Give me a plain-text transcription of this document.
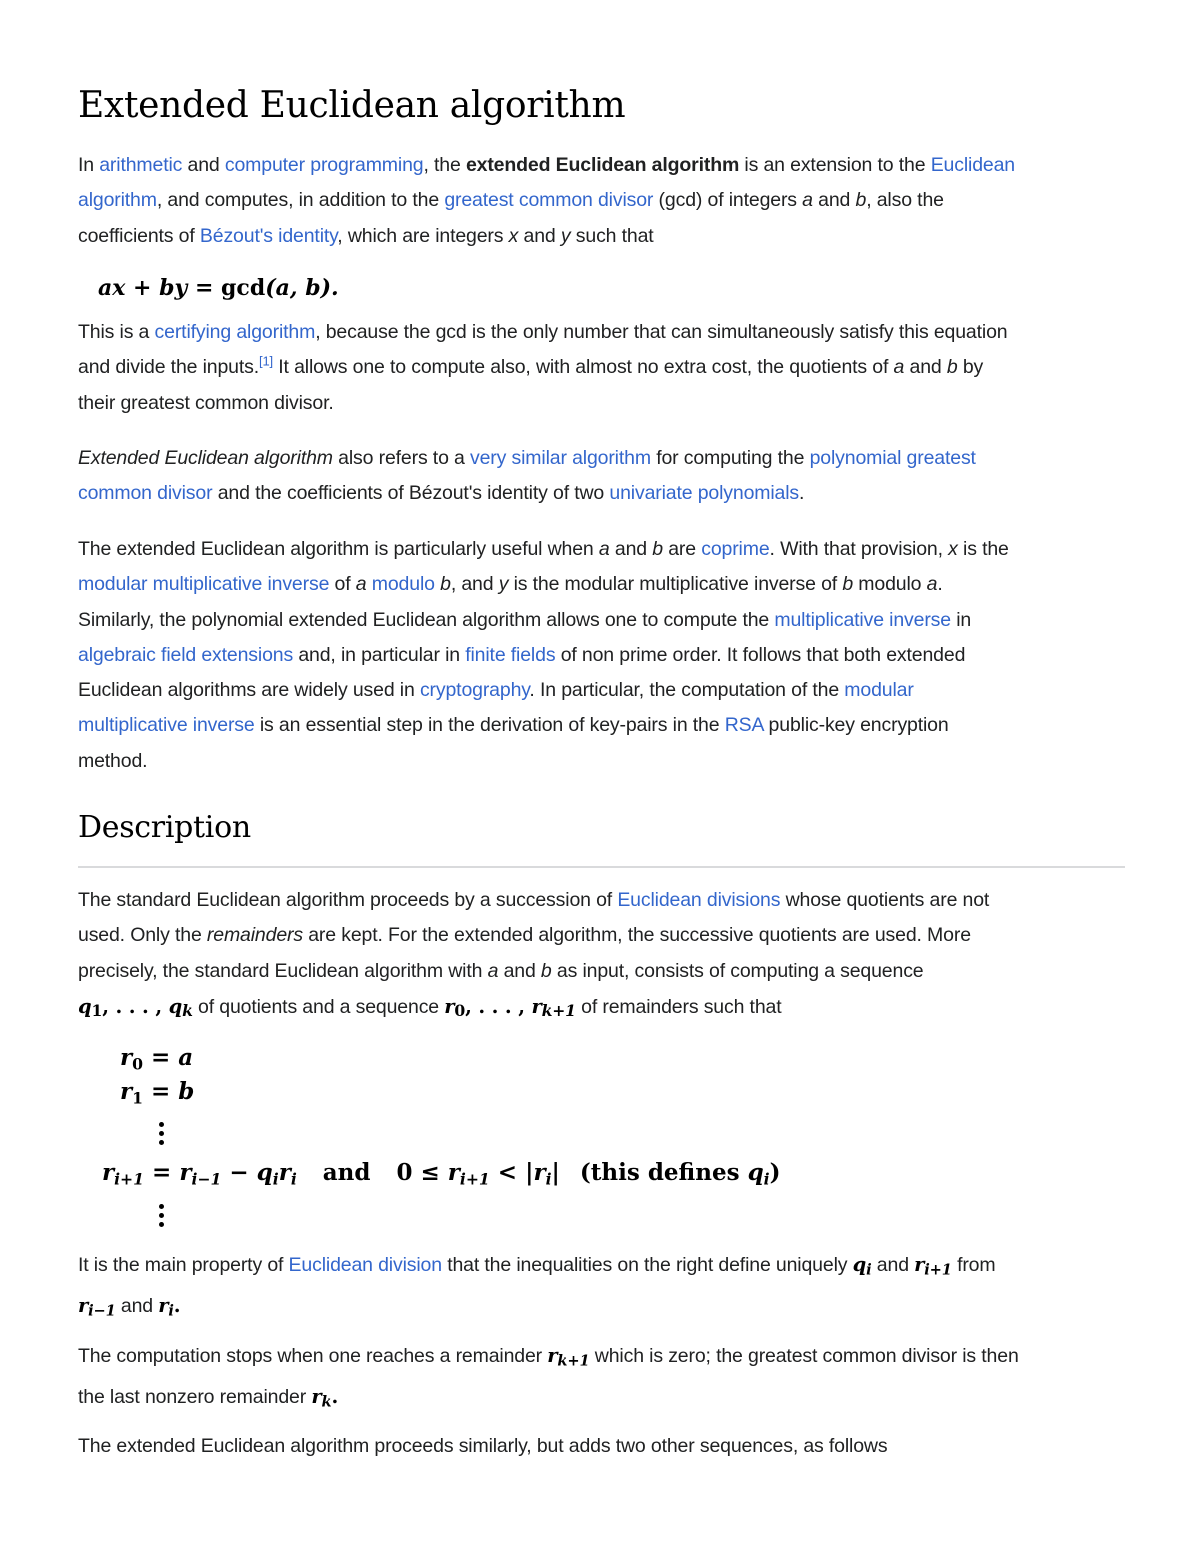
Extended Euclidean algorithm
In arithmetic and computer programming, the extended Euclidean algorithm is an extension to the Euclidean
algorithm, and computes, in addition to the greatest common divisor (gcd) of integers a and b, also the
coefficients of Bézout's identity, which are integers x and y such that
ax + by = gcd(a, b).
This is a certifying algorithm, because the gcd is the only number that can simultaneously satisfy this equation
and divide the inputs.[1] It allows one to compute also, with almost no extra cost, the quotients of a and b by
their greatest common divisor.
Extended Euclidean algorithm also refers to a very similar algorithm for computing the polynomial greatest
common divisor and the coefficients of Bézout's identity of two univariate polynomials.
The extended Euclidean algorithm is particularly useful when a and b are coprime. With that provision, x is the
modular multiplicative inverse of a modulo b, and y is the modular multiplicative inverse of b modulo a.
Similarly, the polynomial extended Euclidean algorithm allows one to compute the multiplicative inverse in
algebraic field extensions and, in particular in finite fields of non prime order. It follows that both extended
Euclidean algorithms are widely used in cryptography. In particular, the computation of the modular
multiplicative inverse is an essential step in the derivation of key-pairs in the RSA public-key encryption
method.
Description
The standard Euclidean algorithm proceeds by a succession of Euclidean divisions whose quotients are not
used. Only the remainders are kept. For the extended algorithm, the successive quotients are used. More
precisely, the standard Euclidean algorithm with a and b as input, consists of computing a sequence
q1, . . . , qk of quotients and a sequence r0, . . . , rk+1 of remainders such that
$r_0 = a$
$r_1 = b$
$r_{i+1} = r_{i-1} - q_ir_i$ and $0 \le r_{i+1} < |r_i|$ (this defines $q_i$)
It is the main property of Euclidean division that the inequalities on the right define uniquely qi and ri+1 from
ri−1 and ri.
The computation stops when one reaches a remainder rk+1 which is zero; the greatest common divisor is then
the last nonzero remainder rk.
The extended Euclidean algorithm proceeds similarly, but adds two other sequences, as follows
